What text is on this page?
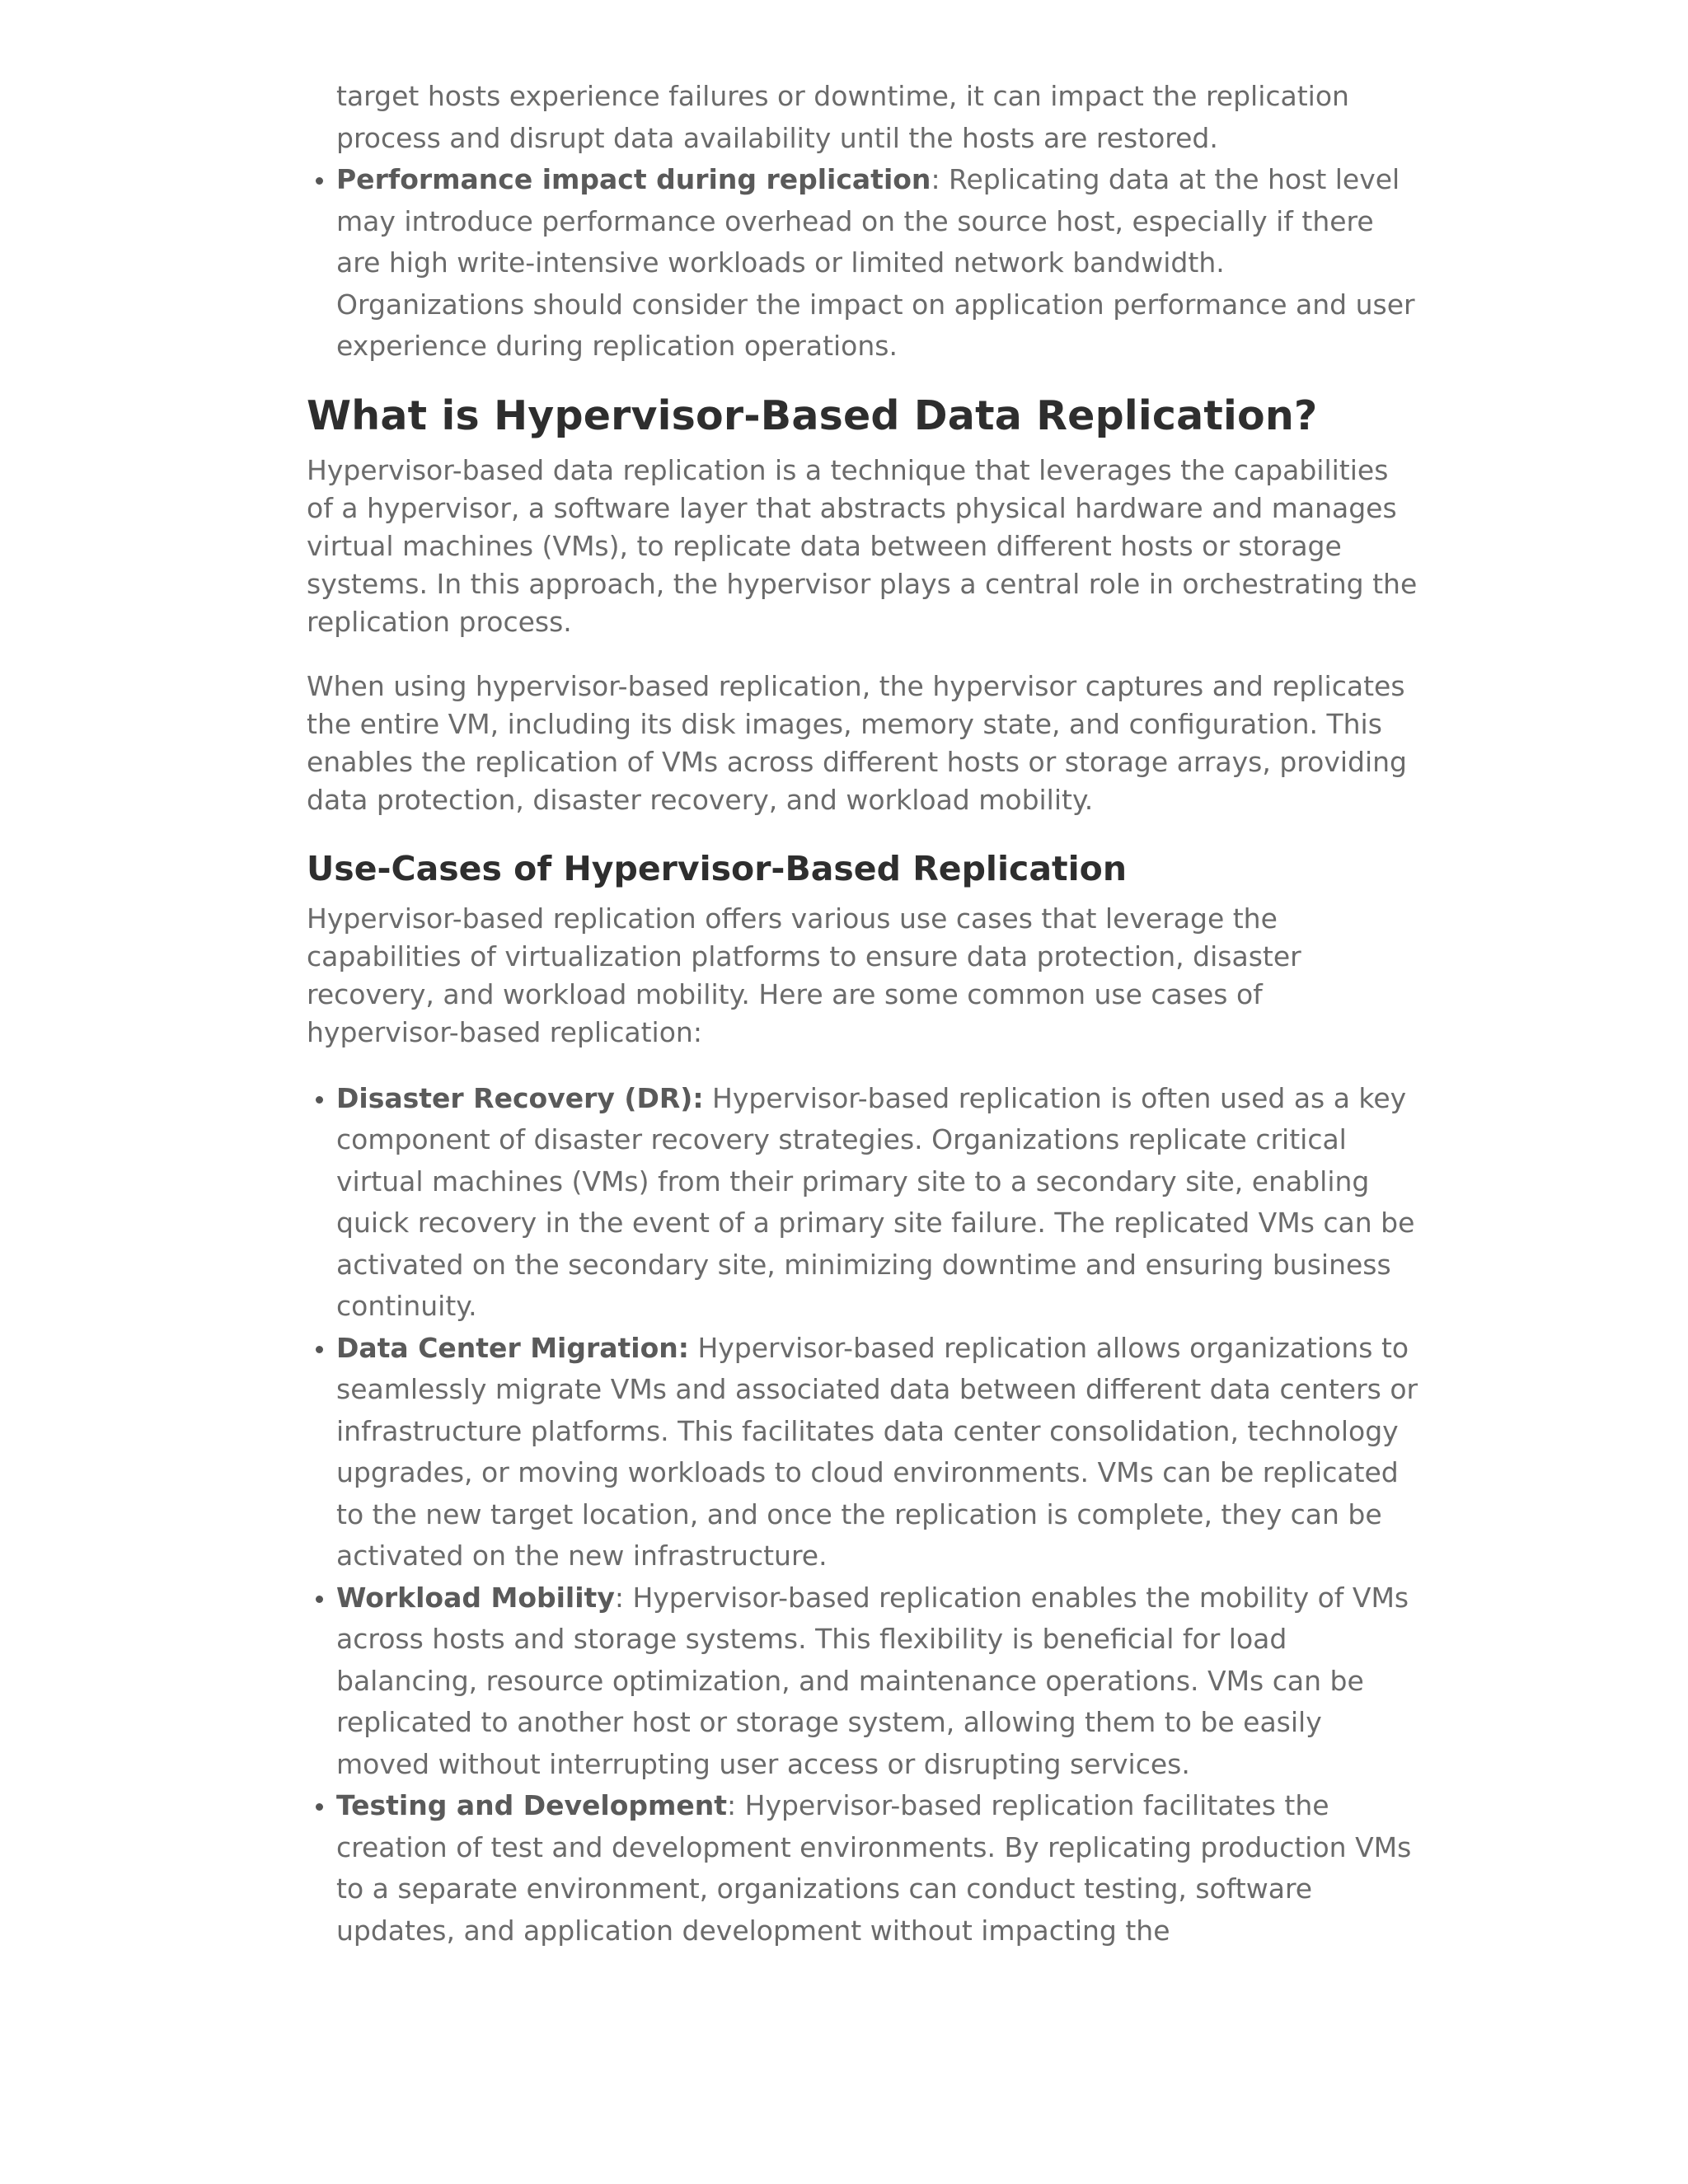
target hosts experience failures or downtime, it can impact the replication process and disrupt data availability until the hosts are restored.
• Performance impact during replication: Replicating data at the host level may introduce performance overhead on the source host, especially if there are high write-intensive workloads or limited network bandwidth. Organizations should consider the impact on application performance and user experience during replication operations.
What is Hypervisor-Based Data Replication?

Hypervisor-based data replication is a technique that leverages the capabilities of a hypervisor, a software layer that abstracts physical hardware and manages virtual machines (VMs), to replicate data between different hosts or storage systems. In this approach, the hypervisor plays a central role in orchestrating the replication process.

When using hypervisor-based replication, the hypervisor captures and replicates the entire VM, including its disk images, memory state, and configuration. This enables the replication of VMs across different hosts or storage arrays, providing data protection, disaster recovery, and workload mobility.

Use-Cases of Hypervisor-Based Replication

Hypervisor-based replication offers various use cases that leverage the capabilities of virtualization platforms to ensure data protection, disaster recovery, and workload mobility. Here are some common use cases of hypervisor-based replication:

• Disaster Recovery (DR): Hypervisor-based replication is often used as a key component of disaster recovery strategies. Organizations replicate critical virtual machines (VMs) from their primary site to a secondary site, enabling quick recovery in the event of a primary site failure. The replicated VMs can be activated on the secondary site, minimizing downtime and ensuring business continuity.
• Data Center Migration: Hypervisor-based replication allows organizations to seamlessly migrate VMs and associated data between different data centers or infrastructure platforms. This facilitates data center consolidation, technology upgrades, or moving workloads to cloud environments. VMs can be replicated to the new target location, and once the replication is complete, they can be activated on the new infrastructure.
• Workload Mobility: Hypervisor-based replication enables the mobility of VMs across hosts and storage systems. This flexibility is beneficial for load balancing, resource optimization, and maintenance operations. VMs can be replicated to another host or storage system, allowing them to be easily moved without interrupting user access or disrupting services.
• Testing and Development: Hypervisor-based replication facilitates the creation of test and development environments. By replicating production VMs to a separate environment, organizations can conduct testing, software updates, and application development without impacting the
